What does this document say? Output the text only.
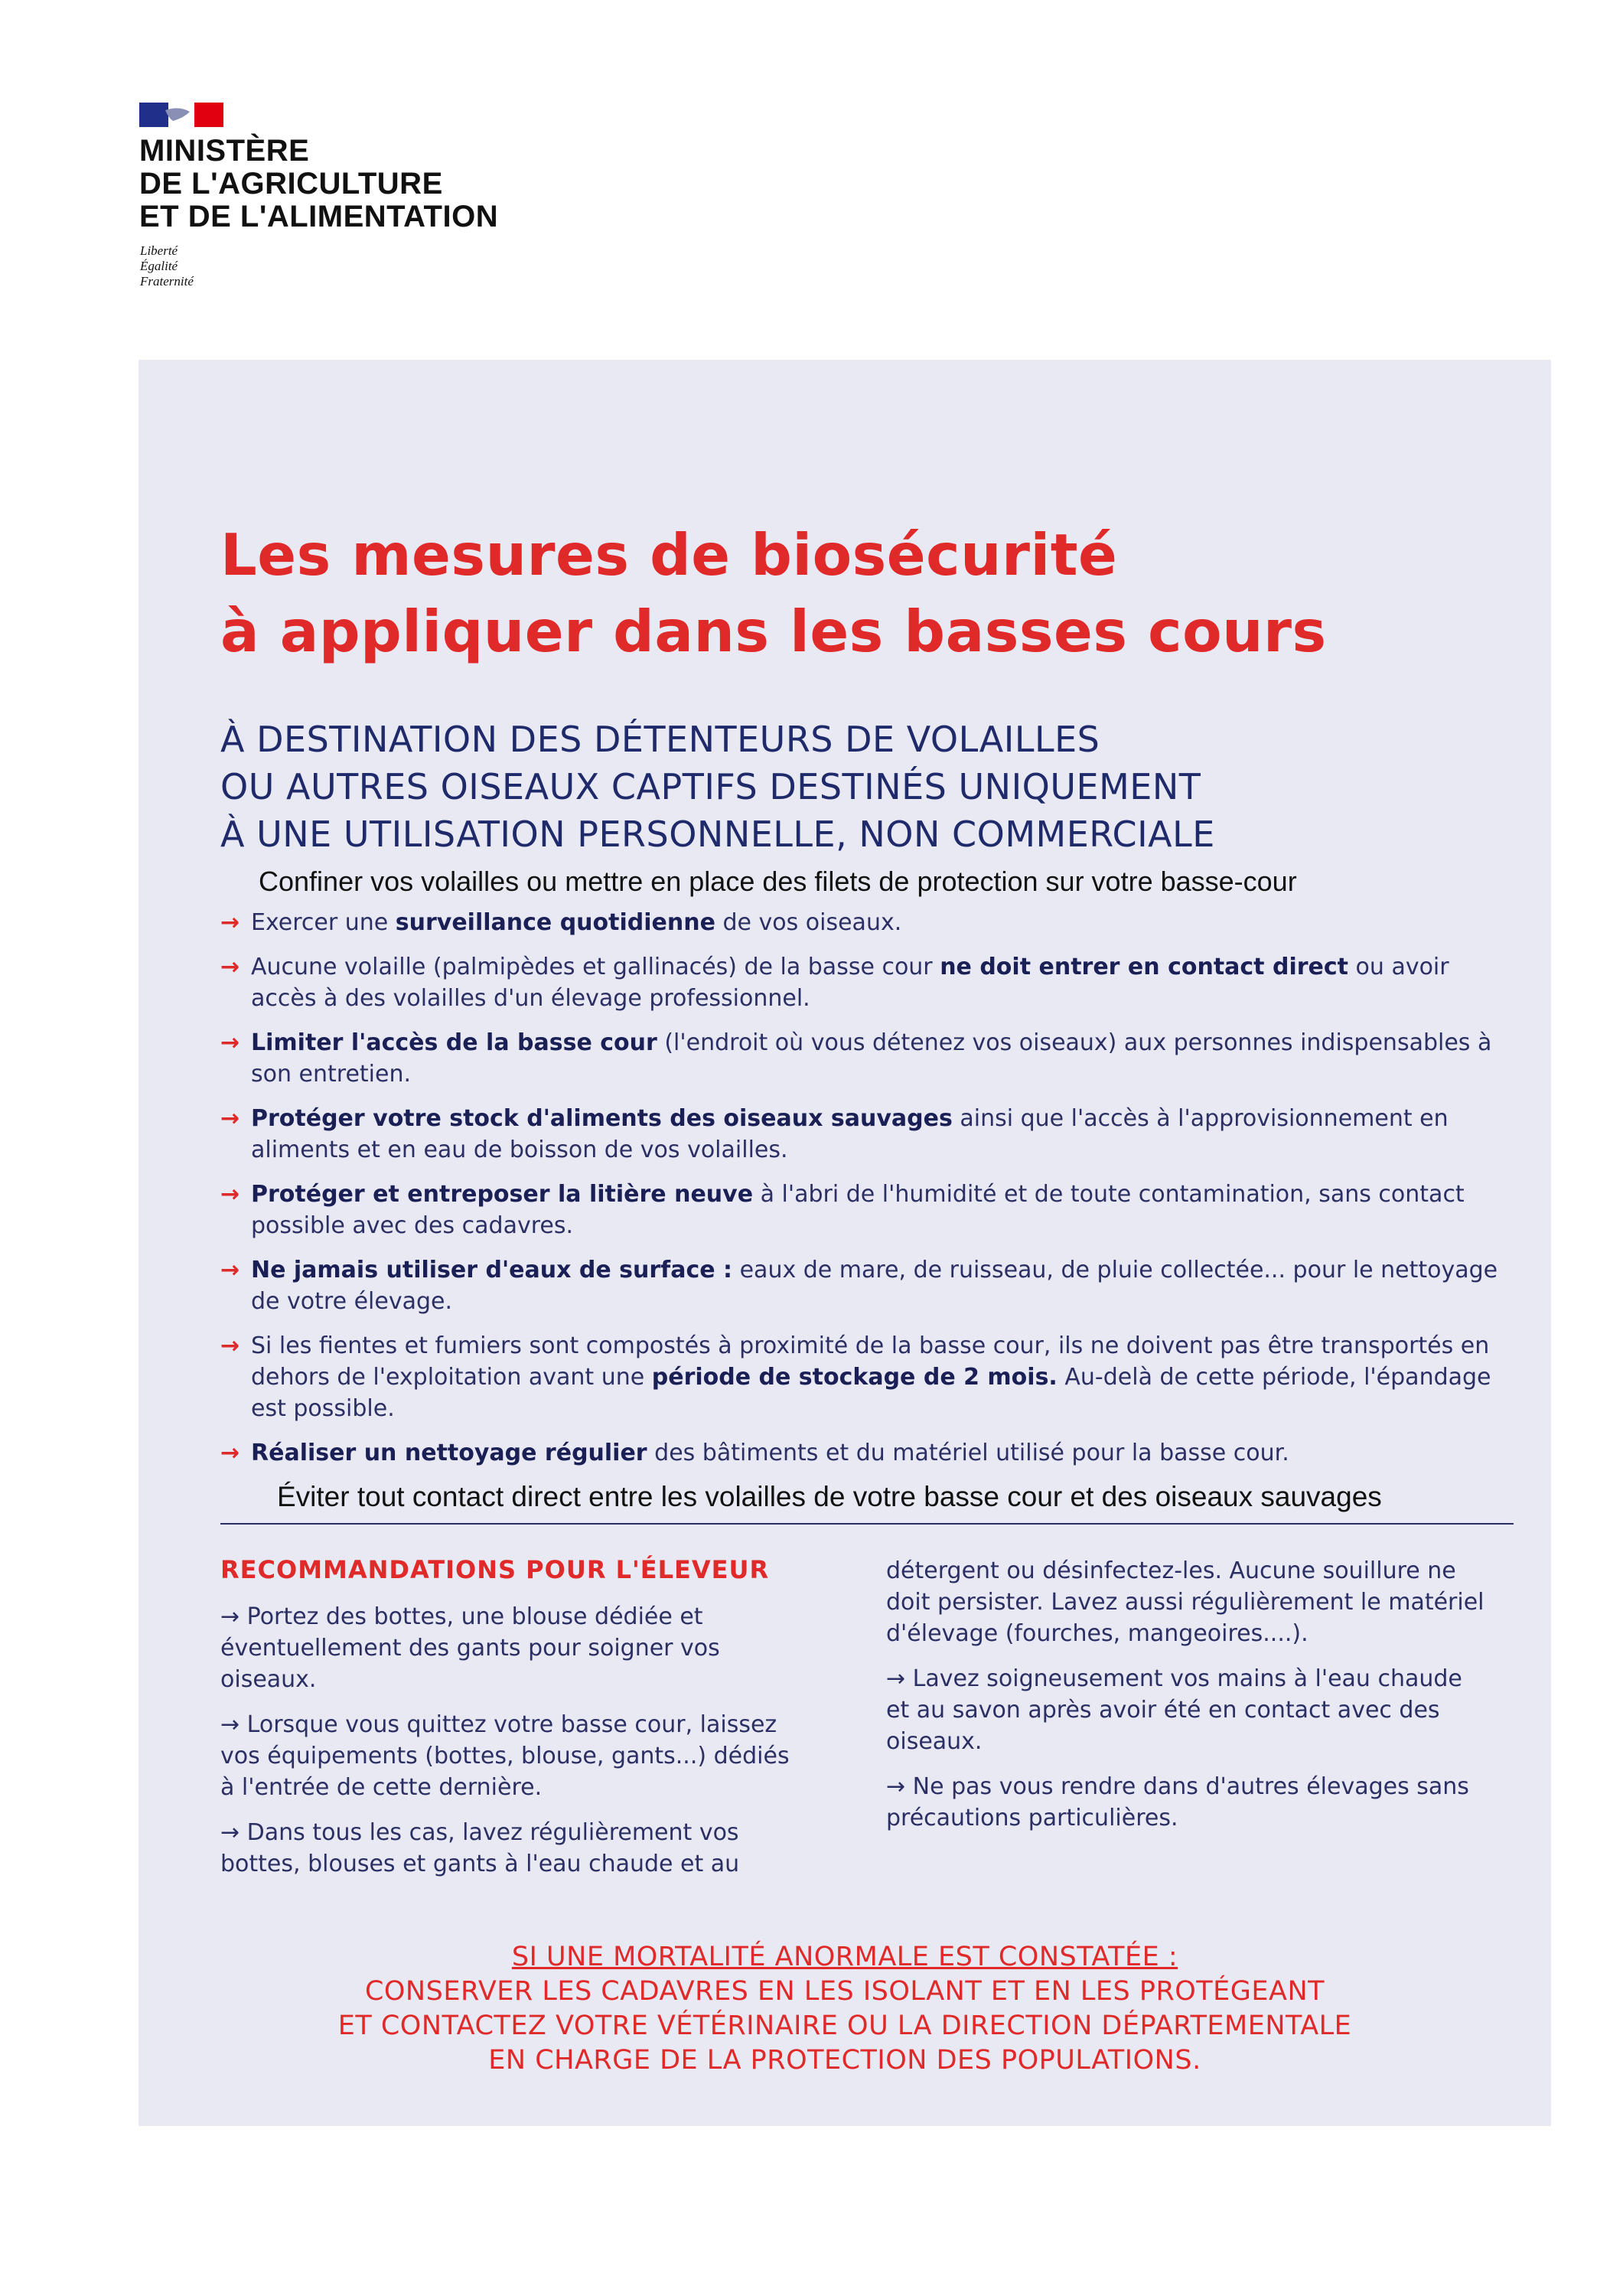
MINISTÈRE
DE L'AGRICULTURE
ET DE L'ALIMENTATION
Liberté
Égalité
Fraternité
Les mesures de biosécurité
à appliquer dans les basses cours
À DESTINATION DES DÉTENTEURS DE VOLAILLES
OU AUTRES OISEAUX CAPTIFS DESTINÉS UNIQUEMENT
À UNE UTILISATION PERSONNELLE, NON COMMERCIALE
Confiner vos volailles ou mettre en place des filets de protection sur votre basse-cour
→ Exercer une surveillance quotidienne de vos oiseaux.
→ Aucune volaille (palmipèdes et gallinacés) de la basse cour ne doit entrer en contact direct ou avoir accès à des volailles d'un élevage professionnel.
→ Limiter l'accès de la basse cour (l'endroit où vous détenez vos oiseaux) aux personnes indispensables à son entretien.
→ Protéger votre stock d'aliments des oiseaux sauvages ainsi que l'accès à l'approvisionnement en aliments et en eau de boisson de vos volailles.
→ Protéger et entreposer la litière neuve à l'abri de l'humidité et de toute contamination, sans contact possible avec des cadavres.
→ Ne jamais utiliser d'eaux de surface : eaux de mare, de ruisseau, de pluie collectée... pour le nettoyage de votre élevage.
→ Si les fientes et fumiers sont compostés à proximité de la basse cour, ils ne doivent pas être transportés en dehors de l'exploitation avant une période de stockage de 2 mois. Au-delà de cette période, l'épandage est possible.
→ Réaliser un nettoyage régulier des bâtiments et du matériel utilisé pour la basse cour.
Éviter tout contact direct entre les volailles de votre basse cour et des oiseaux sauvages
RECOMMANDATIONS POUR L'ÉLEVEUR
→ Portez des bottes, une blouse dédiée et éventuellement des gants pour soigner vos oiseaux.
→ Lorsque vous quittez votre basse cour, laissez vos équipements (bottes, blouse, gants...) dédiés à l'entrée de cette dernière.
→ Dans tous les cas, lavez régulièrement vos bottes, blouses et gants à l'eau chaude et au
détergent ou désinfectez-les. Aucune souillure ne doit persister. Lavez aussi régulièrement le matériel d'élevage (fourches, mangeoires....).
→ Lavez soigneusement vos mains à l'eau chaude et au savon après avoir été en contact avec des oiseaux.
→ Ne pas vous rendre dans d'autres élevages sans précautions particulières.
SI UNE MORTALITÉ ANORMALE EST CONSTATÉE :
CONSERVER LES CADAVRES EN LES ISOLANT ET EN LES PROTÉGEANT
ET CONTACTEZ VOTRE VÉTÉRINAIRE OU LA DIRECTION DÉPARTEMENTALE
EN CHARGE DE LA PROTECTION DES POPULATIONS.
